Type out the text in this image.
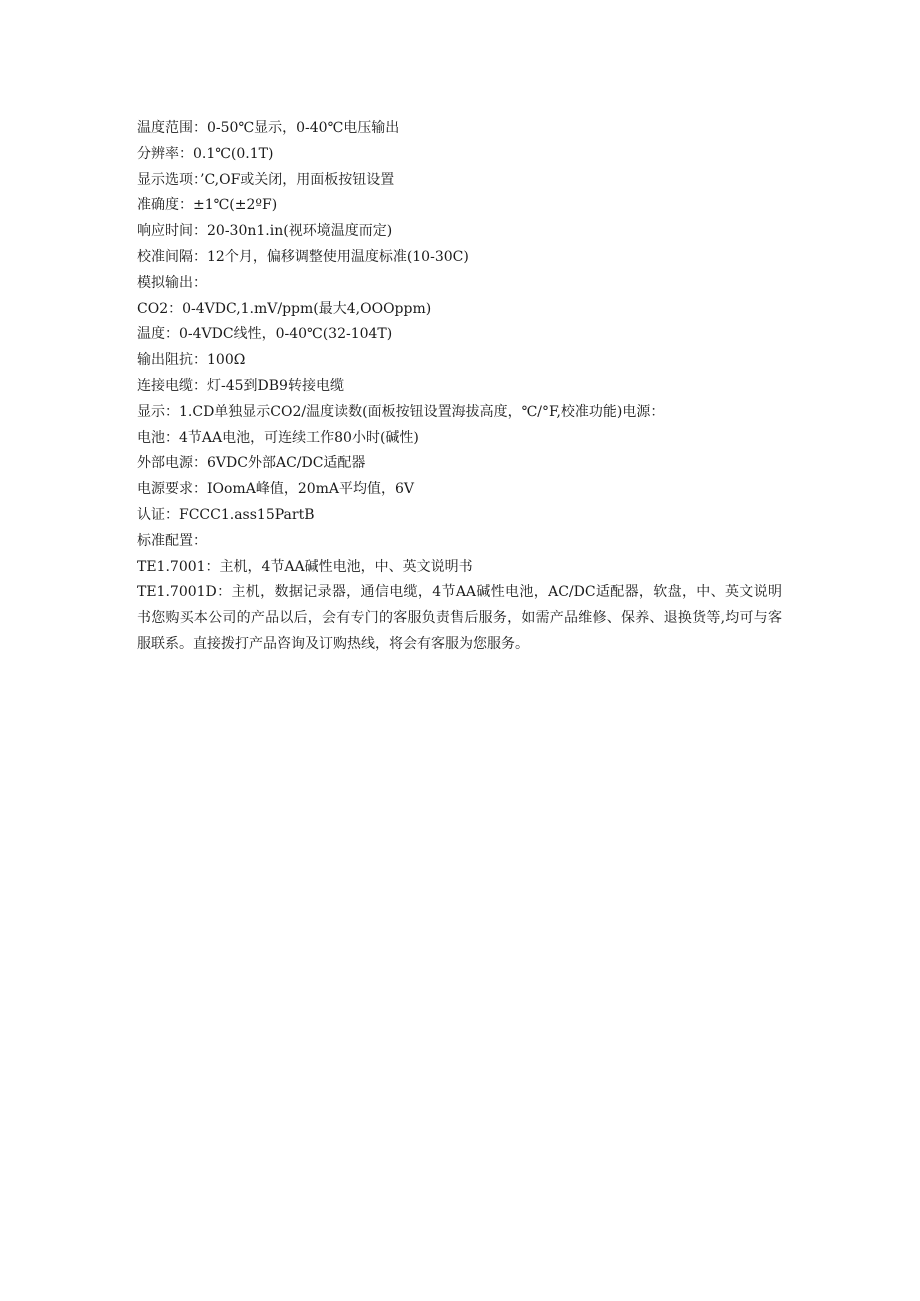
温度范围：0-50℃显示，0-40℃电压输出
分辨率：0.1℃(0.1T)
显示选项：’C,OF或关闭，用面板按钮设置
准确度：±1℃(±2ºF)
响应时间：20-30n1.in(视环境温度而定)
校准间隔：12个月，偏移调整使用温度标准(10-30C)
模拟输出：
CO2：0-4VDC,1.mV/ppm(最大4,OOOppm)
温度：0-4VDC线性，0-40℃(32-104T)
输出阻抗：100Ω
连接电缆：灯-45到DB9转接电缆
显示：1.CD单独显示CO2/温度读数(面板按钮设置海拔高度，℃/°F,校准功能)电源：
电池：4节AA电池，可连续工作80小时(碱性)
外部电源：6VDC外部AC/DC适配器
电源要求：IOomA峰值，20mA平均值，6V
认证：FCCC1.ass15PartB
标准配置：
TE1.7001：主机，4节AA碱性电池，中、英文说明书
TE1.7001D：主机，数据记录器，通信电缆，4节AA碱性电池，AC/DC适配器，软盘，中、英文说明书您购买本公司的产品以后，会有专门的客服负责售后服务，如需产品维修、保养、退换货等,均可与客服联系。直接拨打产品咨询及订购热线，将会有客服为您服务。
